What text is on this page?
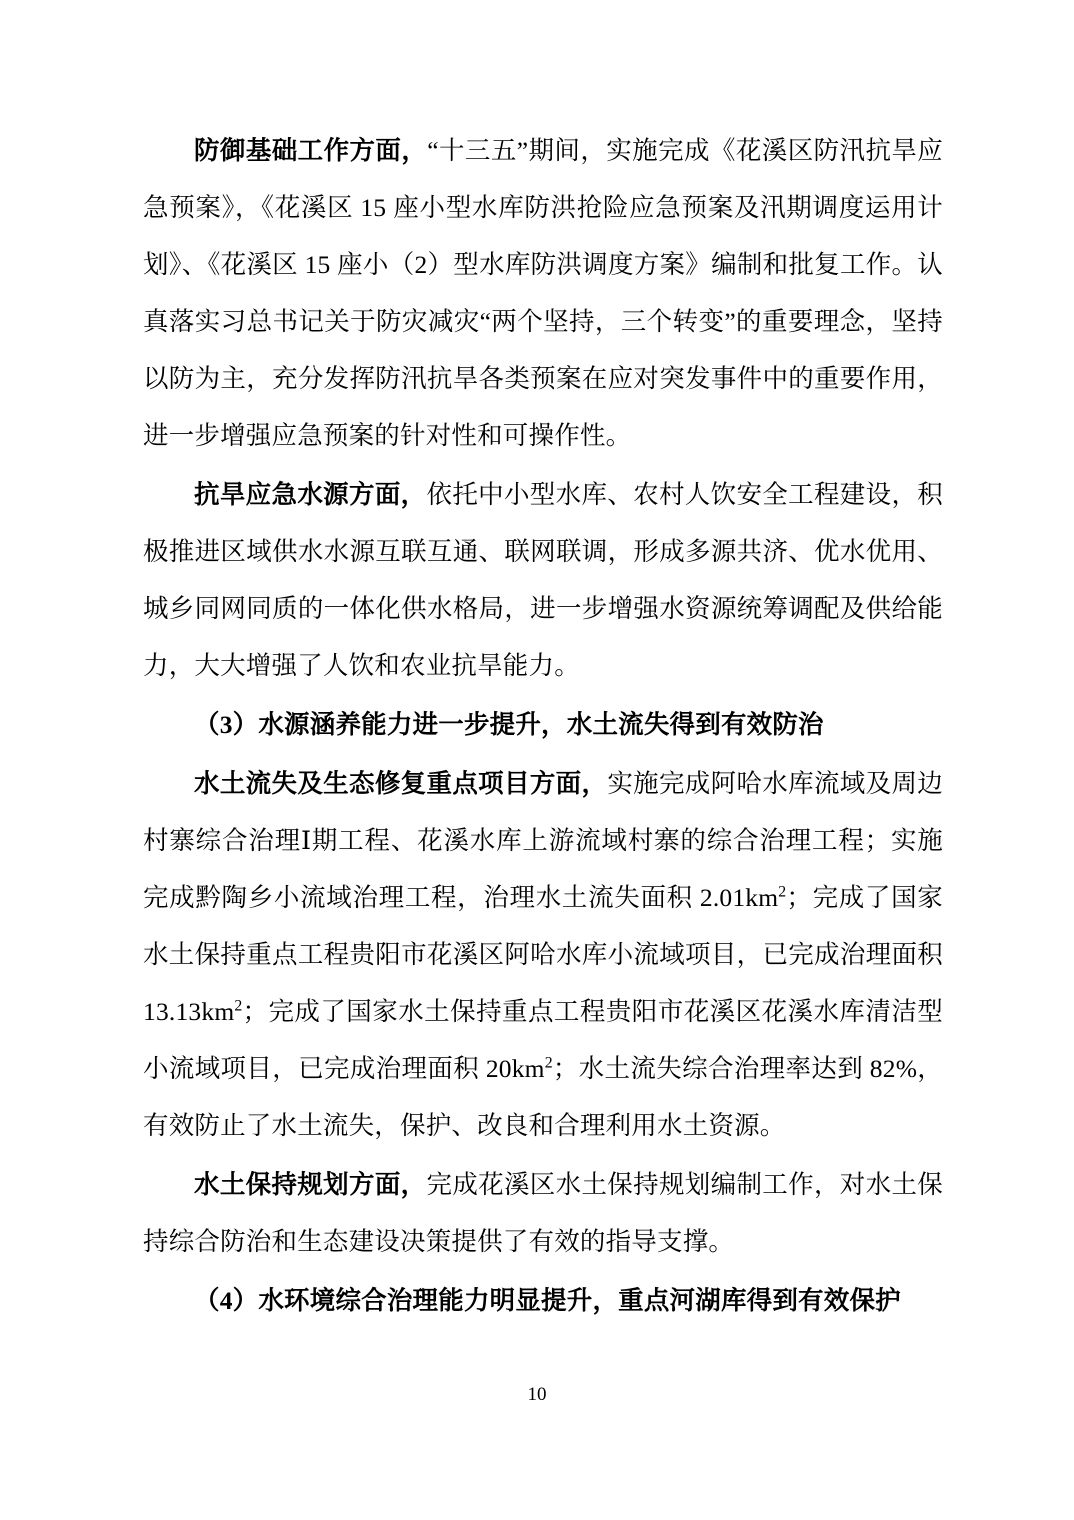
防御基础工作方面，“十三五”期间，实施完成《花溪区防汛抗旱应急预案》，《花溪区 15 座小型水库防洪抢险应急预案及汛期调度运用计划》、《花溪区 15 座小（2）型水库防洪调度方案》编制和批复工作。认真落实习总书记关于防灾减灾“两个坚持，三个转变”的重要理念，坚持以防为主，充分发挥防汛抗旱各类预案在应对突发事件中的重要作用，进一步增强应急预案的针对性和可操作性。

抗旱应急水源方面，依托中小型水库、农村人饮安全工程建设，积极推进区域供水水源互联互通、联网联调，形成多源共济、优水优用、城乡同网同质的一体化供水格局，进一步增强水资源统筹调配及供给能力，大大增强了人饮和农业抗旱能力。

（3）水源涵养能力进一步提升，水土流失得到有效防治

水土流失及生态修复重点项目方面，实施完成阿哈水库流域及周边村寨综合治理Ⅰ期工程、花溪水库上游流域村寨的综合治理工程；实施完成黔陶乡小流域治理工程，治理水土流失面积 $2.01km^2$；完成了国家水土保持重点工程贵阳市花溪区阿哈水库小流域项目，已完成治理面积 $13.13km^2$；完成了国家水土保持重点工程贵阳市花溪区花溪水库清洁型小流域项目，已完成治理面积 $20km^2$；水土流失综合治理率达到 82%，有效防止了水土流失，保护、改良和合理利用水土资源。

水土保持规划方面，完成花溪区水土保持规划编制工作，对水土保持综合防治和生态建设决策提供了有效的指导支撑。

（4）水环境综合治理能力明显提升，重点河湖库得到有效保护

10
